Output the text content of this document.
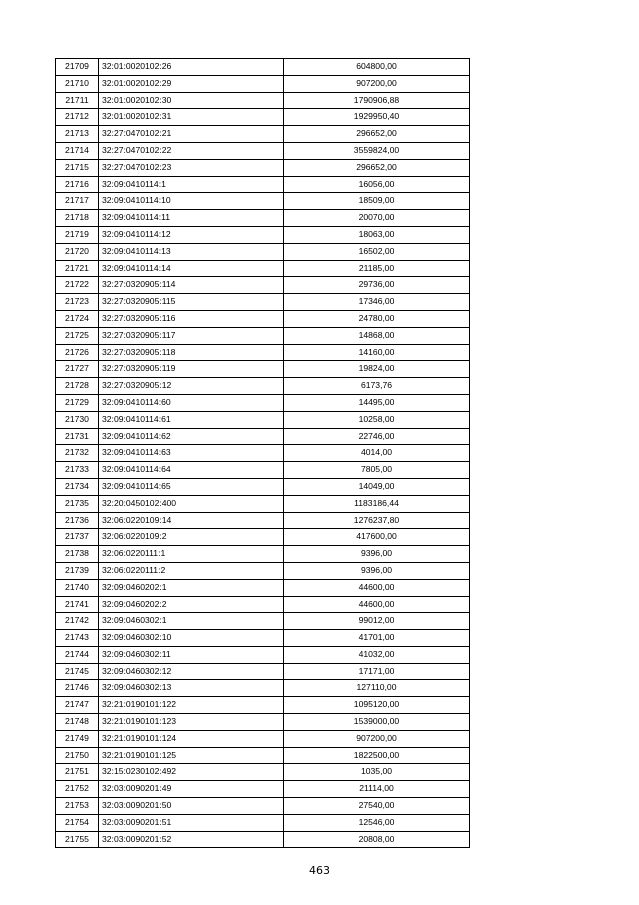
21709	32:01:0020102:26	604800,00
21710	32:01:0020102:29	907200,00
21711	32:01:0020102:30	1790906,88
21712	32:01:0020102:31	1929950,40
21713	32:27:0470102:21	296652,00
21714	32:27:0470102:22	3559824,00
21715	32:27:0470102:23	296652,00
21716	32:09:0410114:1	16056,00
21717	32:09:0410114:10	18509,00
21718	32:09:0410114:11	20070,00
21719	32:09:0410114:12	18063,00
21720	32:09:0410114:13	16502,00
21721	32:09:0410114:14	21185,00
21722	32:27:0320905:114	29736,00
21723	32:27:0320905:115	17346,00
21724	32:27:0320905:116	24780,00
21725	32:27:0320905:117	14868,00
21726	32:27:0320905:118	14160,00
21727	32:27:0320905:119	19824,00
21728	32:27:0320905:12	6173,76
21729	32:09:0410114:60	14495,00
21730	32:09:0410114:61	10258,00
21731	32:09:0410114:62	22746,00
21732	32:09:0410114:63	4014,00
21733	32:09:0410114:64	7805,00
21734	32:09:0410114:65	14049,00
21735	32:20:0450102:400	1183186,44
21736	32:06:0220109:14	1276237,80
21737	32:06:0220109:2	417600,00
21738	32:06:0220111:1	9396,00
21739	32:06:0220111:2	9396,00
21740	32:09:0460202:1	44600,00
21741	32:09:0460202:2	44600,00
21742	32:09:0460302:1	99012,00
21743	32:09:0460302:10	41701,00
21744	32:09:0460302:11	41032,00
21745	32:09:0460302:12	17171,00
21746	32:09:0460302:13	127110,00
21747	32:21:0190101:122	1095120,00
21748	32:21:0190101:123	1539000,00
21749	32:21:0190101:124	907200,00
21750	32:21:0190101:125	1822500,00
21751	32:15:0230102:492	1035,00
21752	32:03:0090201:49	21114,00
21753	32:03:0090201:50	27540,00
21754	32:03:0090201:51	12546,00
21755	32:03:0090201:52	20808,00
463
